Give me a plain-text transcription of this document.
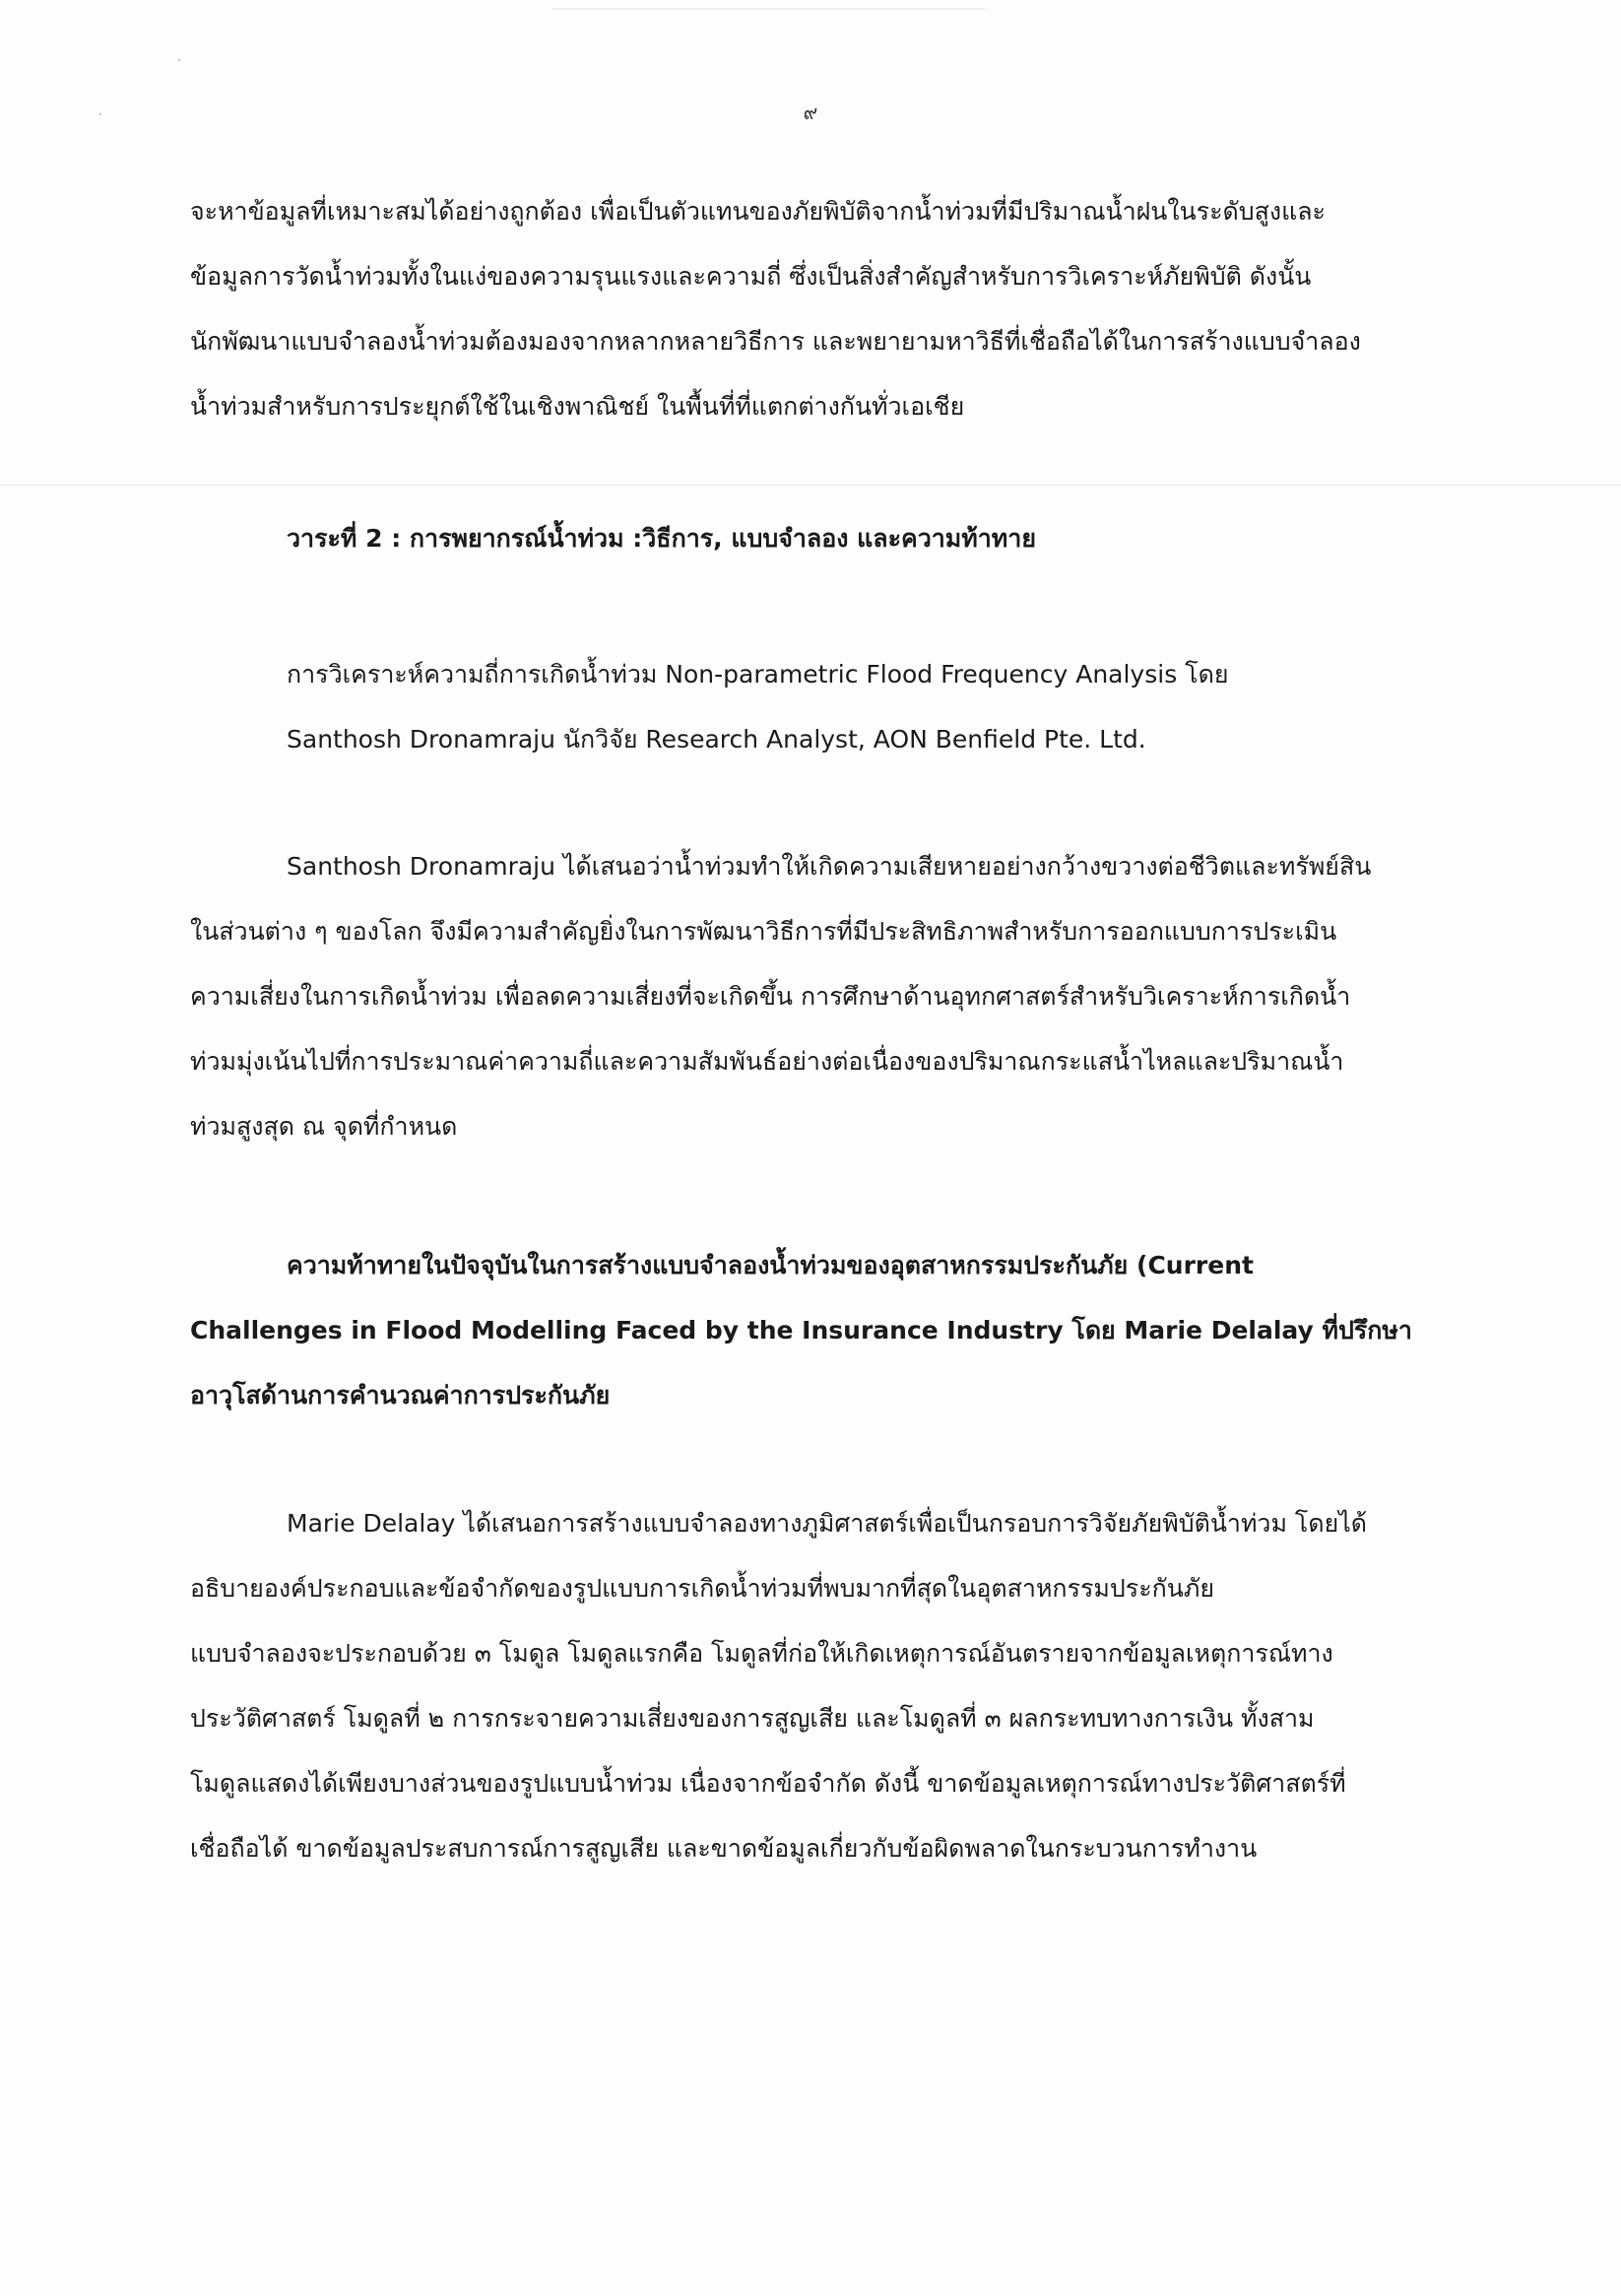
๙
จะหาข้อมูลที่เหมาะสมได้อย่างถูกต้อง เพื่อเป็นตัวแทนของภัยพิบัติจากน้ำท่วมที่มีปริมาณน้ำฝนในระดับสูงและ
ข้อมูลการวัดน้ำท่วมทั้งในแง่ของความรุนแรงและความถี่ ซึ่งเป็นสิ่งสำคัญสำหรับการวิเคราะห์ภัยพิบัติ ดังนั้น
นักพัฒนาแบบจำลองน้ำท่วมต้องมองจากหลากหลายวิธีการ และพยายามหาวิธีที่เชื่อถือได้ในการสร้างแบบจำลอง
น้ำท่วมสำหรับการประยุกต์ใช้ในเชิงพาณิชย์ ในพื้นที่ที่แตกต่างกันทั่วเอเชีย
วาระที่ 2 : การพยากรณ์น้ำท่วม :วิธีการ, แบบจำลอง และความท้าทาย
การวิเคราะห์ความถี่การเกิดน้ำท่วม Non-parametric Flood Frequency Analysis โดย
Santhosh Dronamraju นักวิจัย Research Analyst, AON Benfield Pte. Ltd.
Santhosh Dronamraju ได้เสนอว่าน้ำท่วมทำให้เกิดความเสียหายอย่างกว้างขวางต่อชีวิตและทรัพย์สิน
ในส่วนต่าง ๆ ของโลก จึงมีความสำคัญยิ่งในการพัฒนาวิธีการที่มีประสิทธิภาพสำหรับการออกแบบการประเมิน
ความเสี่ยงในการเกิดน้ำท่วม เพื่อลดความเสี่ยงที่จะเกิดขึ้น การศึกษาด้านอุทกศาสตร์สำหรับวิเคราะห์การเกิดน้ำ
ท่วมมุ่งเน้นไปที่การประมาณค่าความถี่และความสัมพันธ์อย่างต่อเนื่องของปริมาณกระแสน้ำไหลและปริมาณน้ำ
ท่วมสูงสุด ณ จุดที่กำหนด
ความท้าทายในปัจจุบันในการสร้างแบบจำลองน้ำท่วมของอุตสาหกรรมประกันภัย (Current
Challenges in Flood Modelling Faced by the Insurance Industry โดย Marie Delalay ที่ปรึกษา
อาวุโสด้านการคำนวณค่าการประกันภัย
Marie Delalay ได้เสนอการสร้างแบบจำลองทางภูมิศาสตร์เพื่อเป็นกรอบการวิจัยภัยพิบัติน้ำท่วม โดยได้
อธิบายองค์ประกอบและข้อจำกัดของรูปแบบการเกิดน้ำท่วมที่พบมากที่สุดในอุตสาหกรรมประกันภัย
แบบจำลองจะประกอบด้วย ๓ โมดูล โมดูลแรกคือ โมดูลที่ก่อให้เกิดเหตุการณ์อันตรายจากข้อมูลเหตุการณ์ทาง
ประวัติศาสตร์ โมดูลที่ ๒ การกระจายความเสี่ยงของการสูญเสีย และโมดูลที่ ๓ ผลกระทบทางการเงิน ทั้งสาม
โมดูลแสดงได้เพียงบางส่วนของรูปแบบน้ำท่วม เนื่องจากข้อจำกัด ดังนี้ ขาดข้อมูลเหตุการณ์ทางประวัติศาสตร์ที่
เชื่อถือได้ ขาดข้อมูลประสบการณ์การสูญเสีย และขาดข้อมูลเกี่ยวกับข้อผิดพลาดในกระบวนการทำงาน
